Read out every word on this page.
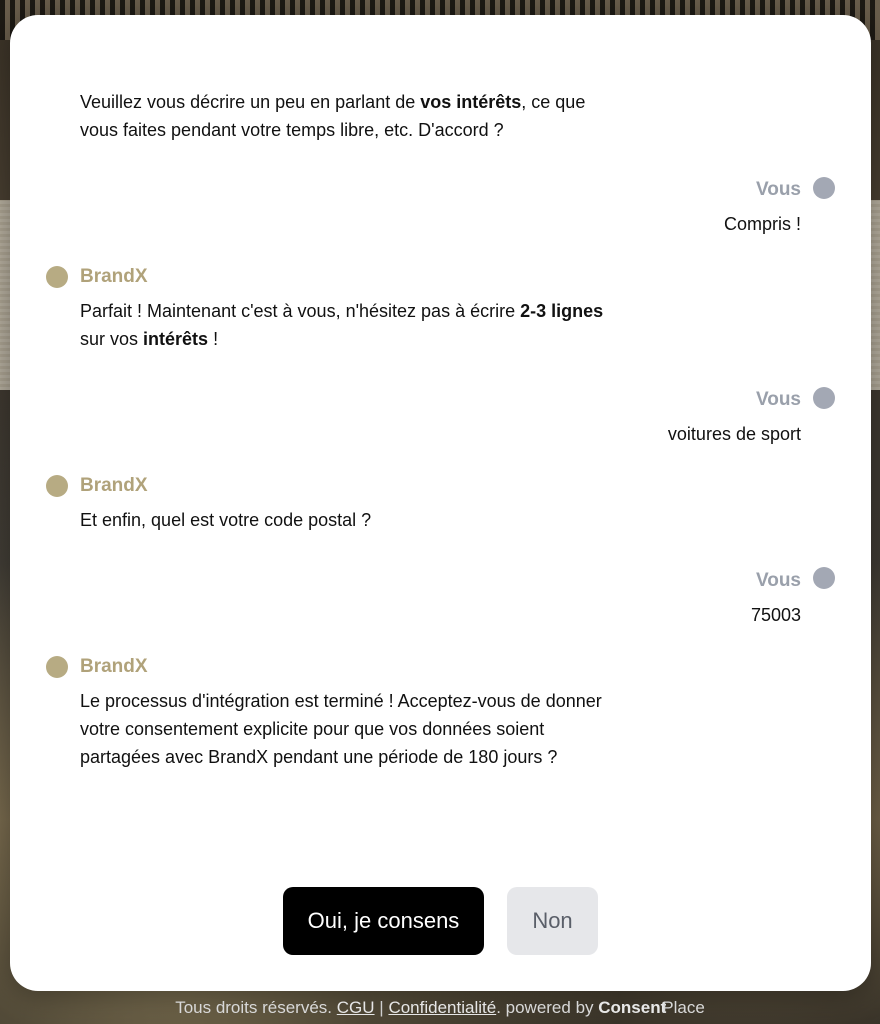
Veuillez vous décrire un peu en parlant de vos intérêts, ce que
vous faites pendant votre temps libre, etc. D'accord ?
Vous
Compris !
BrandX
Parfait ! Maintenant c'est à vous, n'hésitez pas à écrire 2-3 lignes
sur vos intérêts !
Vous
voitures de sport
BrandX
Et enfin, quel est votre code postal ?
Vous
75003
BrandX
Le processus d'intégration est terminé ! Acceptez-vous de donner
votre consentement explicite pour que vos données soient
partagées avec BrandX pendant une période de 180 jours ?
Oui, je consens	Non
Tous droits réservés. CGU | Confidentialité. powered by ConsentPlace
